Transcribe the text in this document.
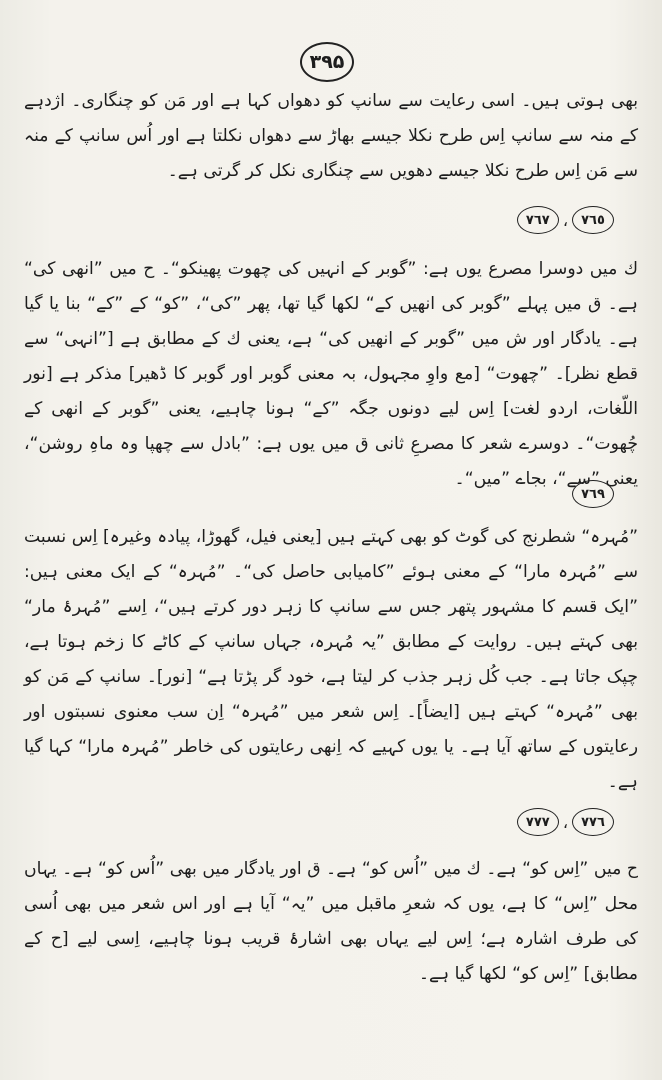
۳۹۵

بھی ہوتی ہیں۔ اسی رعایت سے سانپ کو دھواں کہا ہے اور مَن کو چنگاری۔ اژدہے کے منہ سے سانپ اِس طرح نکلا جیسے بھاڑ سے دھواں نکلتا ہے اور اُس سانپ کے منہ سے مَن اِس طرح نکلا جیسے دھویں سے چنگاری نکل کر گرتی ہے۔

٧٦٥
،
٧٦٧

ك میں دوسرا مصرع یوں ہے: ”گوبر کے انہیں کی چھوت پھینکو“۔ ح میں ”انھی کی“ ہے۔ ق میں پہلے ”گوبر کی انھیں کے“ لکھا گیا تھا، پھر ”کی“، ”کو“ کے ”کے“ بنا یا گیا ہے۔ یادگار اور ش میں ”گوبر کے انھیں کی“ ہے، یعنی ك کے مطابق ہے [”انہی“ سے قطع نظر]۔ ”چھوت“ [مع واوِ مجہول، بہ معنی گوبر اور گوبر کا ڈھیر] مذکر ہے [نور اللّغات، اردو لغت] اِس لیے دونوں جگہ ”کے“ ہونا چاہیے، یعنی ”گوبر کے انھی کے چُھوت“۔ دوسرے شعر کا مصرعِ ثانی ق میں یوں ہے: ”بادل سے چھپا وہ ماہِ روشن“، یعنی ”سے“، بجاے ”میں“۔

٧٦٩

”مُہرہ“ شطرنج کی گوٹ کو بھی کہتے ہیں [یعنی فیل، گھوڑا، پیادہ وغیرہ] اِس نسبت سے ”مُہرہ مارا“ کے معنی ہوئے ”کامیابی حاصل کی“۔ ”مُہرہ“ کے ایک معنی ہیں: ”ایک قسم کا مشہور پتھر جس سے سانپ کا زہر دور کرتے ہیں“، اِسے ”مُہرۂ مار“ بھی کہتے ہیں۔ روایت کے مطابق ”یہ مُہرہ، جہاں سانپ کے کاٹے کا زخم ہوتا ہے، چپک جاتا ہے۔ جب کُل زہر جذب کر لیتا ہے، خود گر پڑتا ہے“ [نور]۔ سانپ کے مَن کو بھی ”مُہرہ“ کہتے ہیں [ایضاً]۔ اِس شعر میں ”مُہرہ“ اِن سب معنوی نسبتوں اور رعایتوں کے ساتھ آیا ہے۔ یا یوں کہیے کہ اِنھی رعایتوں کی خاطر ”مُہرہ مارا“ کہا گیا ہے۔

٧٧٦
،
٧٧٧

ح میں ”اِس کو“ ہے۔ ك میں ”اُس کو“ ہے۔ ق اور یادگار میں بھی ”اُس کو“ ہے۔ یہاں محل ”اِس“ کا ہے، یوں کہ شعرِ ماقبل میں ”یہ“ آیا ہے اور اس شعر میں بھی اُسی کی طرف اشارہ ہے؛ اِس لیے یہاں بھی اشارۂ قریب ہونا چاہیے، اِسی لیے [ح کے مطابق] ”اِس کو“ لکھا گیا ہے۔
